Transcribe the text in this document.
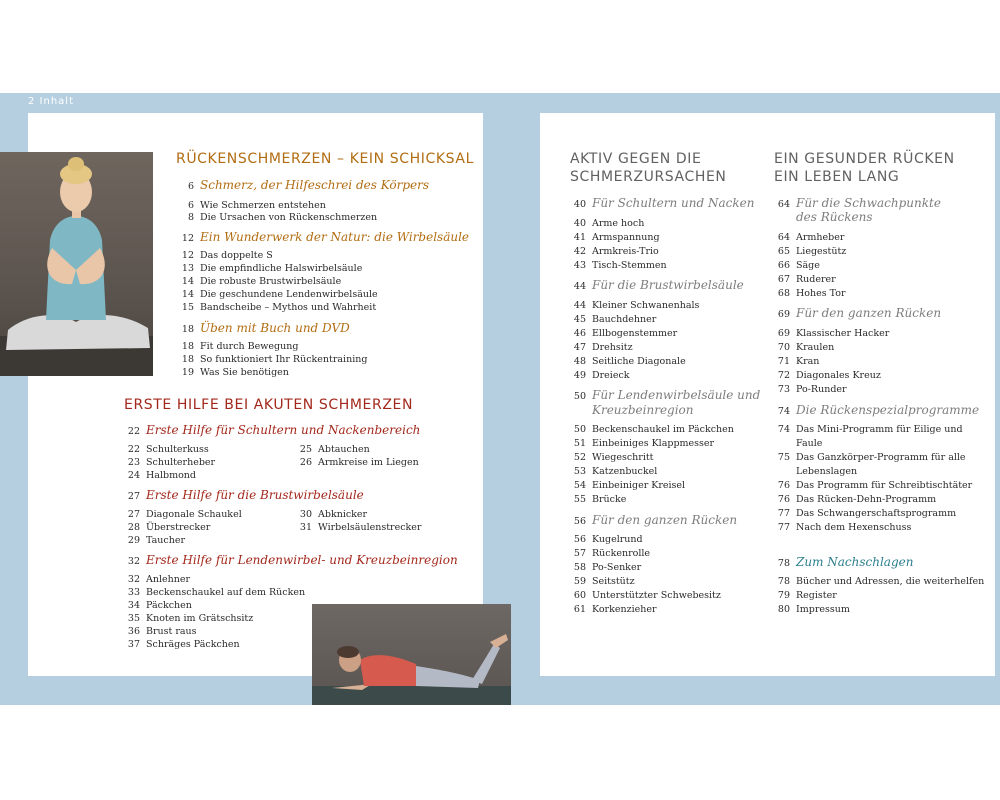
2 Inhalt
RÜCKENSCHMERZEN – KEIN SCHICKSAL
6 Schmerz, der Hilfeschrei des Körpers
6 Wie Schmerzen entstehen
8 Die Ursachen von Rückenschmerzen
12 Ein Wunderwerk der Natur: die Wirbelsäule
12 Das doppelte S
13 Die empfindliche Halswirbelsäule
14 Die robuste Brustwirbelsäule
14 Die geschundene Lendenwirbelsäule
15 Bandscheibe – Mythos und Wahrheit
18 Üben mit Buch und DVD
18 Fit durch Bewegung
18 So funktioniert Ihr Rückentraining
19 Was Sie benötigen
ERSTE HILFE BEI AKUTEN SCHMERZEN
22 Erste Hilfe für Schultern und Nackenbereich
22 Schulterkuss
23 Schulterheber
24 Halbmond
25 Abtauchen
26 Armkreise im Liegen
27 Erste Hilfe für die Brustwirbelsäule
27 Diagonale Schaukel
28 Überstrecker
29 Taucher
30 Abknicker
31 Wirbelsäulenstrecker
32 Erste Hilfe für Lendenwirbel- und Kreuzbeinregion
32 Anlehner
33 Beckenschaukel auf dem Rücken
34 Päckchen
35 Knoten im Grätschsitz
36 Brust raus
37 Schräges Päckchen
AKTIV GEGEN DIE
SCHMERZURSACHEN
40 Für Schultern und Nacken
40 Arme hoch
41 Armspannung
42 Armkreis-Trio
43 Tisch-Stemmen
44 Für die Brustwirbelsäule
44 Kleiner Schwanenhals
45 Bauchdehner
46 Ellbogenstemmer
47 Drehsitz
48 Seitliche Diagonale
49 Dreieck
50 Für Lendenwirbelsäule und
Kreuzbeinregion
50 Beckenschaukel im Päckchen
51 Einbeiniges Klappmesser
52 Wiegeschritt
53 Katzenbuckel
54 Einbeiniger Kreisel
55 Brücke
56 Für den ganzen Rücken
56 Kugelrund
57 Rückenrolle
58 Po-Senker
59 Seitstütz
60 Unterstützter Schwebesitz
61 Korkenzieher
EIN GESUNDER RÜCKEN
EIN LEBEN LANG
64 Für die Schwachpunkte
des Rückens
64 Armheber
65 Liegestütz
66 Säge
67 Ruderer
68 Hohes Tor
69 Für den ganzen Rücken
69 Klassischer Hacker
70 Kraulen
71 Kran
72 Diagonales Kreuz
73 Po-Runder
74 Die Rückenspezialprogramme
74 Das Mini-Programm für Eilige und
Faule
75 Das Ganzkörper-Programm für alle
Lebenslagen
76 Das Programm für Schreibtischtäter
76 Das Rücken-Dehn-Programm
77 Das Schwangerschaftsprogramm
77 Nach dem Hexenschuss
78 Zum Nachschlagen
78 Bücher und Adressen, die weiterhelfen
79 Register
80 Impressum
